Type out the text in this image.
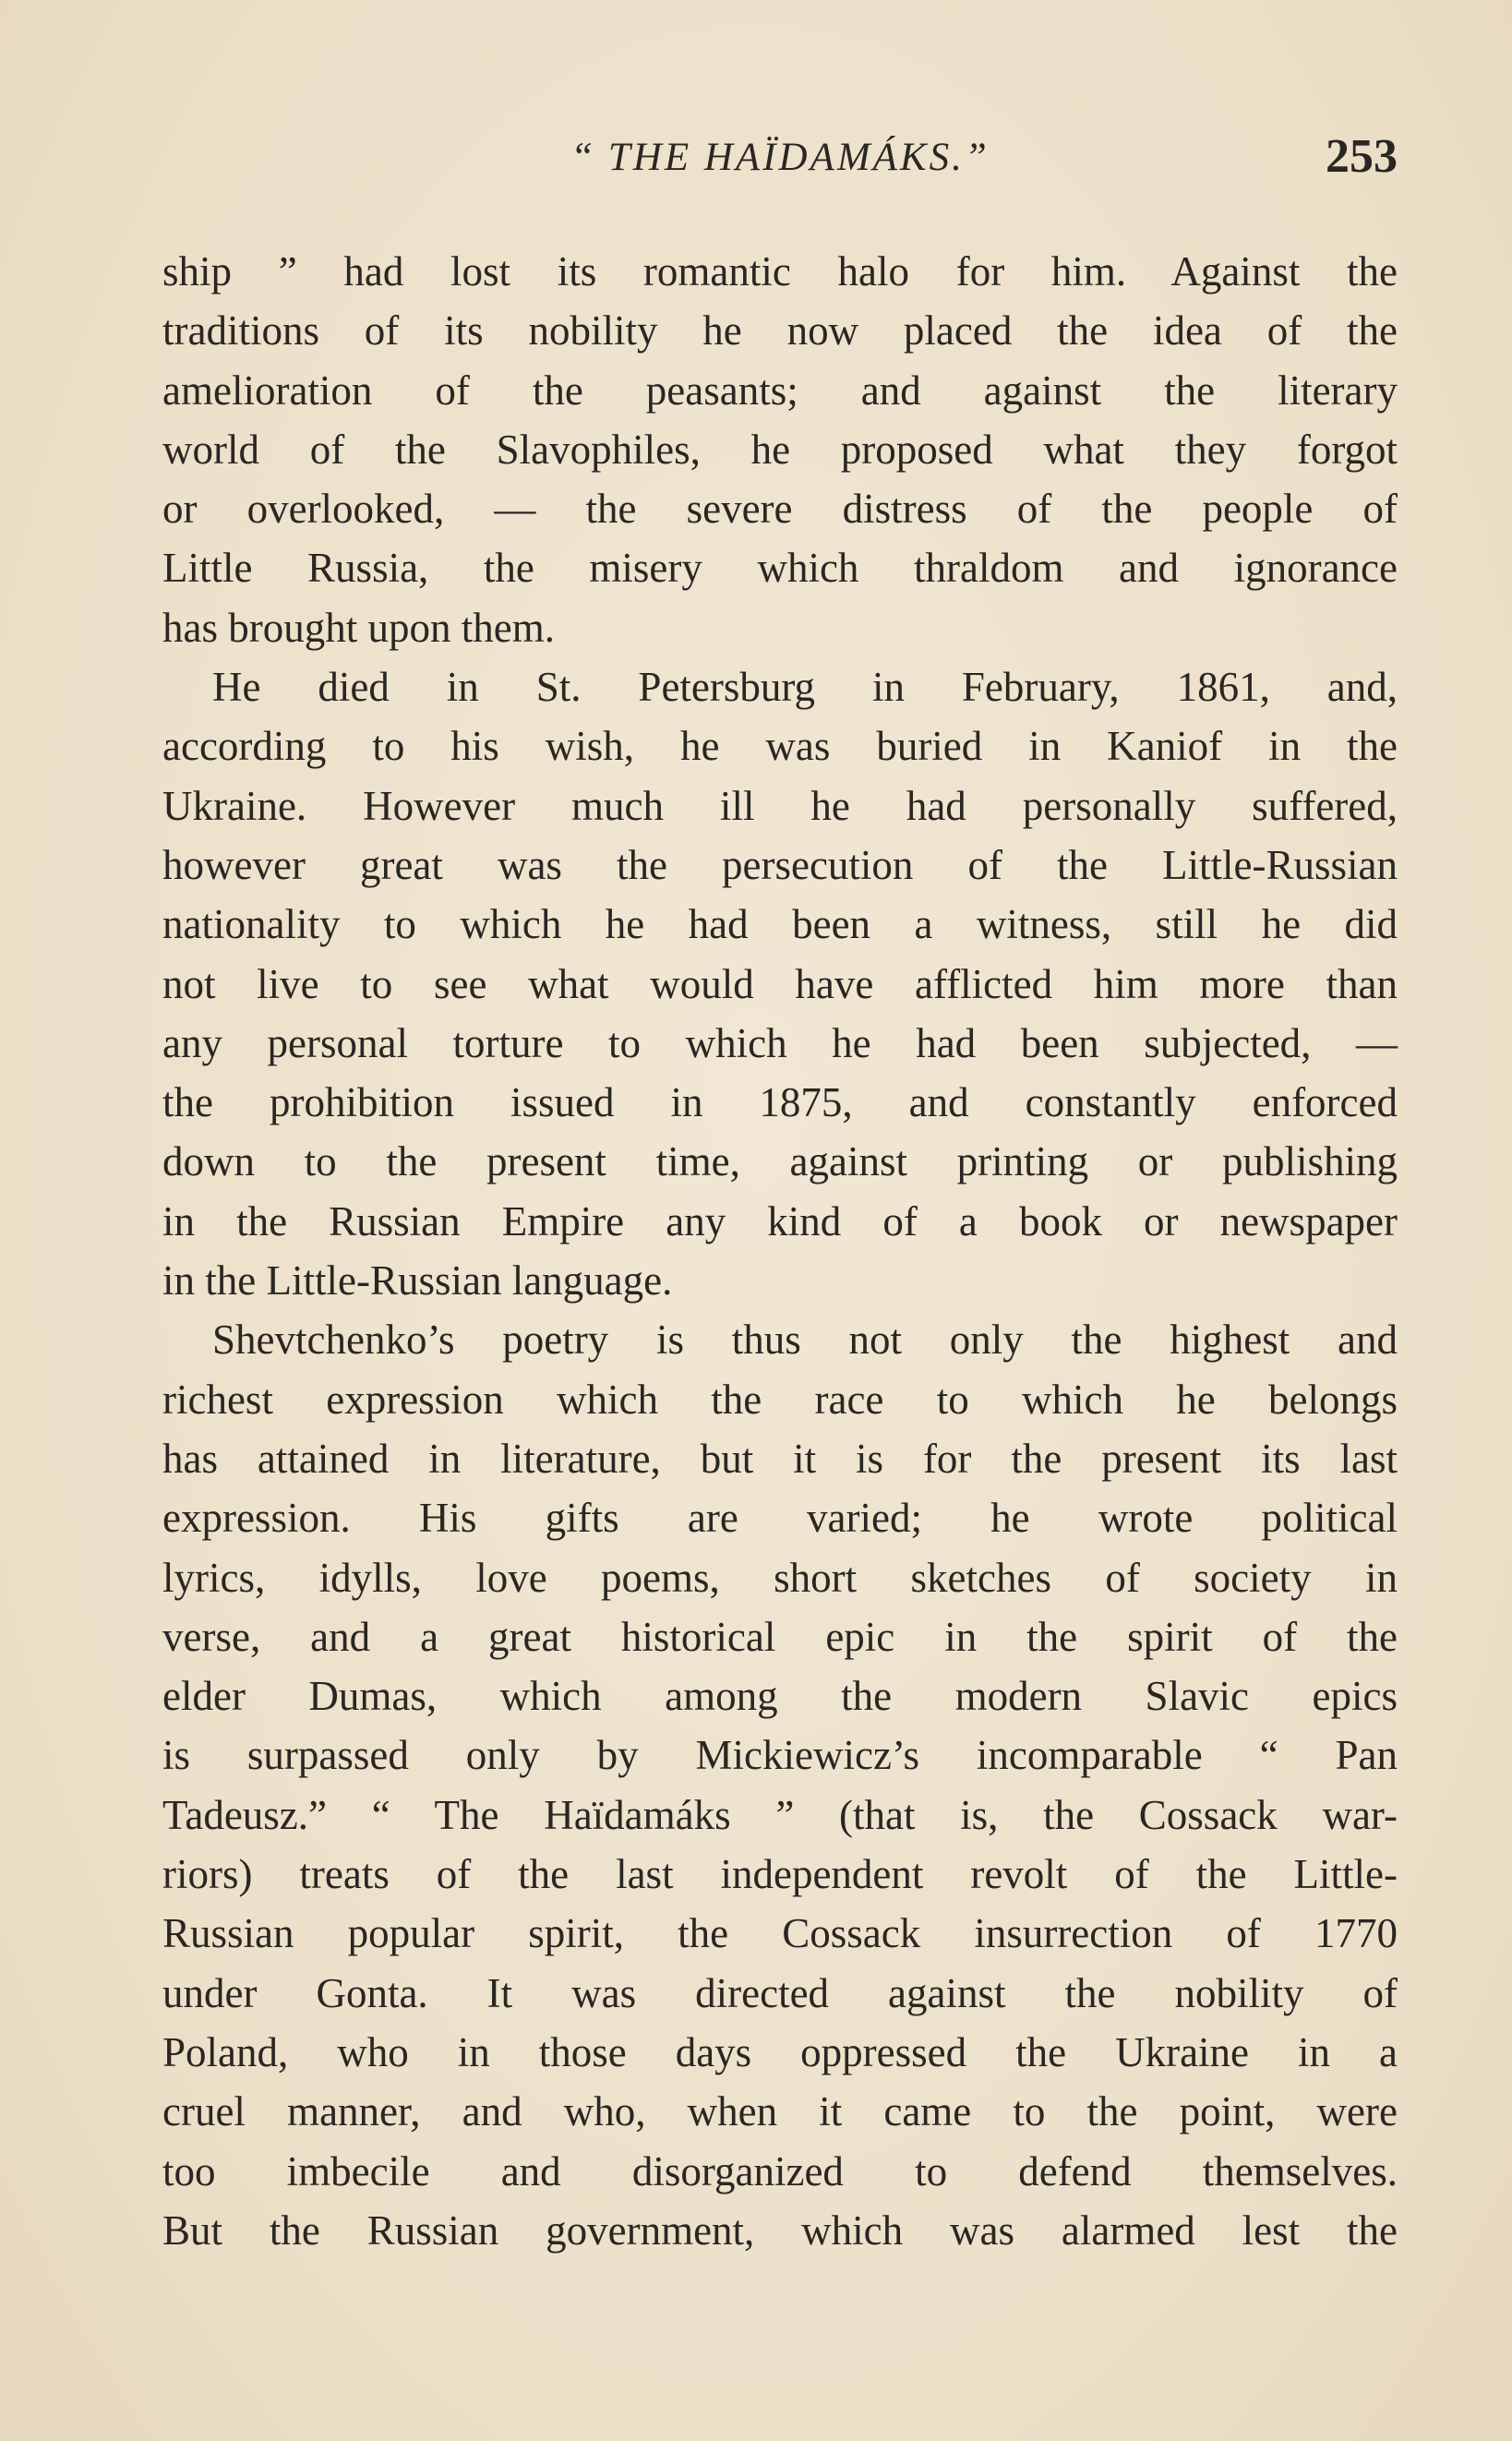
“ THE HAÏDAMÁKS.”	253
ship ” had lost its romantic halo for him. Against the
traditions of its nobility he now placed the idea of the
amelioration of the peasants; and against the literary
world of the Slavophiles, he proposed what they forgot
or overlooked, — the severe distress of the people of
Little Russia, the misery which thraldom and ignorance
has brought upon them.
He died in St. Petersburg in February, 1861, and,
according to his wish, he was buried in Kaniof in the
Ukraine. However much ill he had personally suffered,
however great was the persecution of the Little-Russian
nationality to which he had been a witness, still he did
not live to see what would have afflicted him more than
any personal torture to which he had been subjected, —
the prohibition issued in 1875, and constantly enforced
down to the present time, against printing or publishing
in the Russian Empire any kind of a book or newspaper
in the Little-Russian language.
Shevtchenko’s poetry is thus not only the highest and
richest expression which the race to which he belongs
has attained in literature, but it is for the present its last
expression. His gifts are varied; he wrote political
lyrics, idylls, love poems, short sketches of society in
verse, and a great historical epic in the spirit of the
elder Dumas, which among the modern Slavic epics
is surpassed only by Mickiewicz’s incomparable “ Pan
Tadeusz.” “ The Haïdamáks ” (that is, the Cossack war-
riors) treats of the last independent revolt of the Little-
Russian popular spirit, the Cossack insurrection of 1770
under Gonta. It was directed against the nobility of
Poland, who in those days oppressed the Ukraine in a
cruel manner, and who, when it came to the point, were
too imbecile and disorganized to defend themselves.
But the Russian government, which was alarmed lest the
